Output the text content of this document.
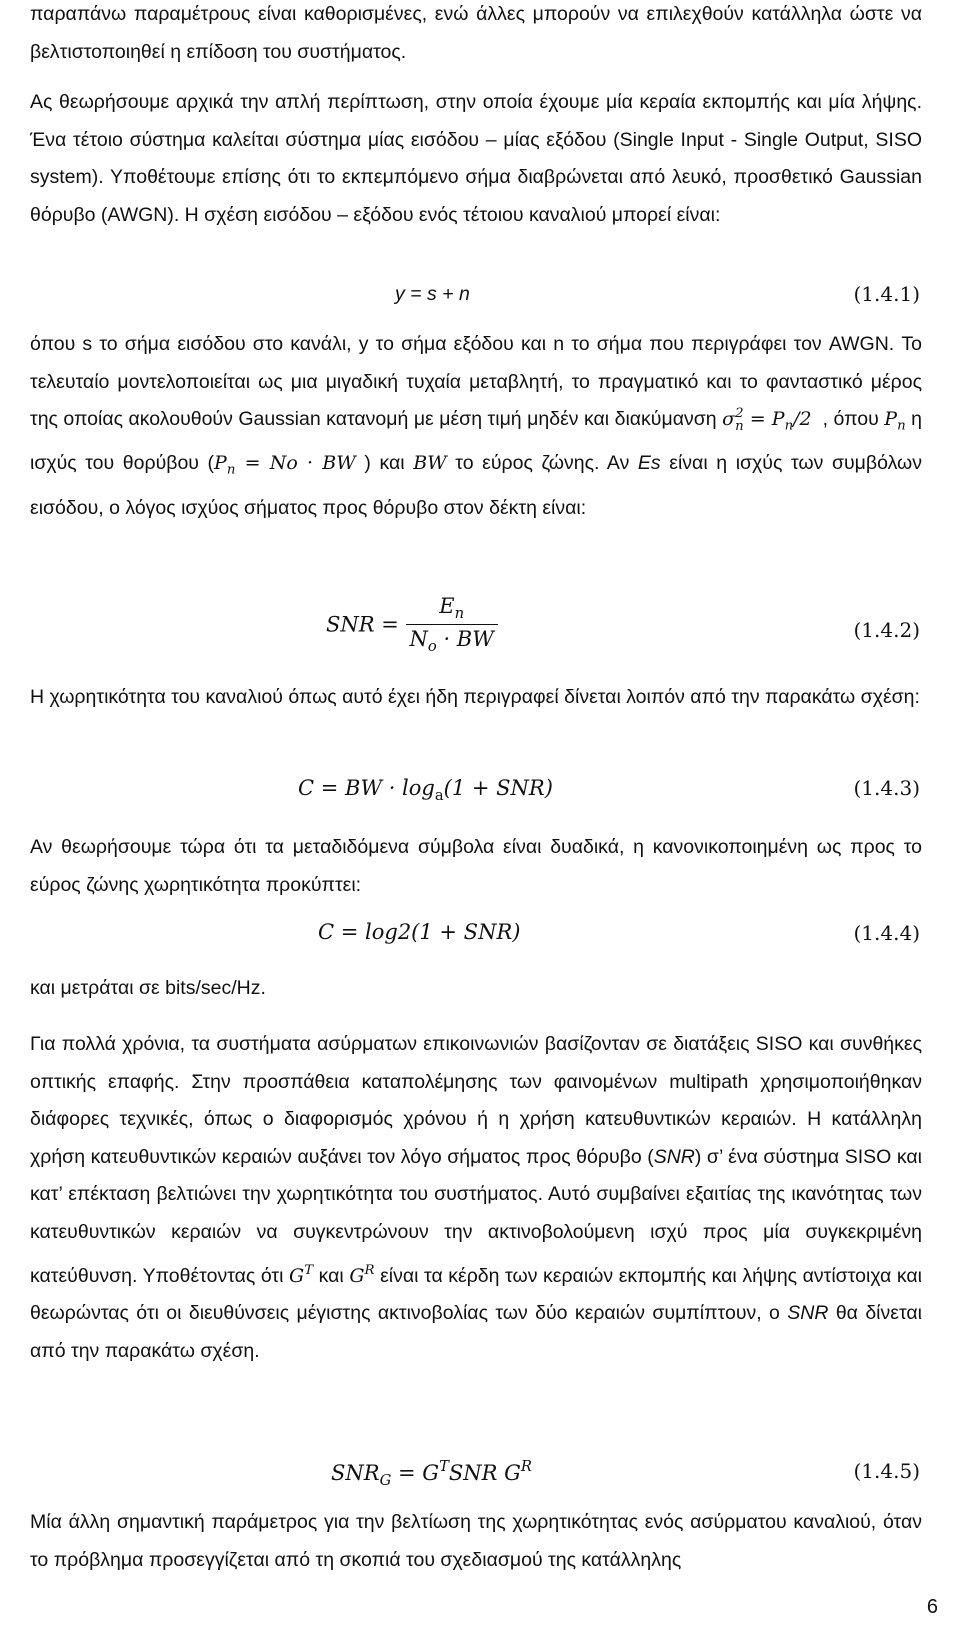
παραπάνω παραμέτρους είναι καθορισμένες, ενώ άλλες μπορούν να επιλεχθούν κατάλληλα ώστε να βελτιστοποιηθεί η επίδοση του συστήματος.

Ας θεωρήσουμε αρχικά την απλή περίπτωση, στην οποία έχουμε μία κεραία εκπομπής και μία λήψης. Ένα τέτοιο σύστημα καλείται σύστημα μίας εισόδου – μίας εξόδου (Single Input - Single Output, SISO system). Υποθέτουμε επίσης ότι το εκπεμπόμενο σήμα διαβρώνεται από λευκό, προσθετικό Gaussian θόρυβο (AWGN). Η σχέση εισόδου – εξόδου ενός τέτοιου καναλιού μπορεί είναι:

y = s + n	(1.4.1)

όπου s το σήμα εισόδου στο κανάλι, y το σήμα εξόδου και n το σήμα που περιγράφει τον AWGN. Το τελευταίο μοντελοποιείται ως μια μιγαδική τυχαία μεταβλητή, το πραγματικό και το φανταστικό μέρος της οποίας ακολουθούν Gaussian κατανομή με μέση τιμή μηδέν και διακύμανση σ 2
$n = P_n/2$ , όπου $P_n$ η ισχύς του θορύβου ($P_n = No$ · BW ) και BW το εύρος ζώνης. Αν Es είναι η ισχύς των συμβόλων εισόδου, ο λόγος ισχύος σήματος προς θόρυβο στον δέκτη είναι:

SNR = $\frac{E_n}{N_o \cdot BW}$	(1.4.2)

Η χωρητικότητα του καναλιού όπως αυτό έχει ήδη περιγραφεί δίνεται λοιπόν από την παρακάτω σχέση:

C = BW · $\log_a(1 + SNR)$	(1.4.3)

Αν θεωρήσουμε τώρα ότι τα μεταδιδόμενα σύμβολα είναι δυαδικά, η κανονικοποιημένη ως προς το εύρος ζώνης χωρητικότητα προκύπτει:

C = log2(1 + SNR)	(1.4.4)

και μετράται σε bits/sec/Hz.

Για πολλά χρόνια, τα συστήματα ασύρματων επικοινωνιών βασίζονταν σε διατάξεις SISO και συνθήκες οπτικής επαφής. Στην προσπάθεια καταπολέμησης των φαινομένων multipath χρησιμοποιήθηκαν διάφορες τεχνικές, όπως ο διαφορισμός χρόνου ή η χρήση κατευθυντικών κεραιών. Η κατάλληλη χρήση κατευθυντικών κεραιών αυξάνει τον λόγο σήματος προς θόρυβο (SNR) σ’ ένα σύστημα SISO και κατ’ επέκταση βελτιώνει την χωρητικότητα του συστήματος. Αυτό συμβαίνει εξαιτίας της ικανότητας των κατευθυντικών κεραιών να συγκεντρώνουν την ακτινοβολούμενη ισχύ προς μία συγκεκριμένη κατεύθυνση. Υποθέτοντας ότι $G^T$ και $G^R$ είναι τα κέρδη των κεραιών εκπομπής και λήψης αντίστοιχα και θεωρώντας ότι οι διευθύνσεις μέγιστης ακτινοβολίας των δύο κεραιών συμπίπτουν, ο SNR θα δίνεται από την παρακάτω σχέση.

$SNR_G = G^TSNR$ $G^R$	(1.4.5)

Μία άλλη σημαντική παράμετρος για την βελτίωση της χωρητικότητας ενός ασύρματου καναλιού, όταν το πρόβλημα προσεγγίζεται από τη σκοπιά του σχεδιασμού της κατάλληλης

6
